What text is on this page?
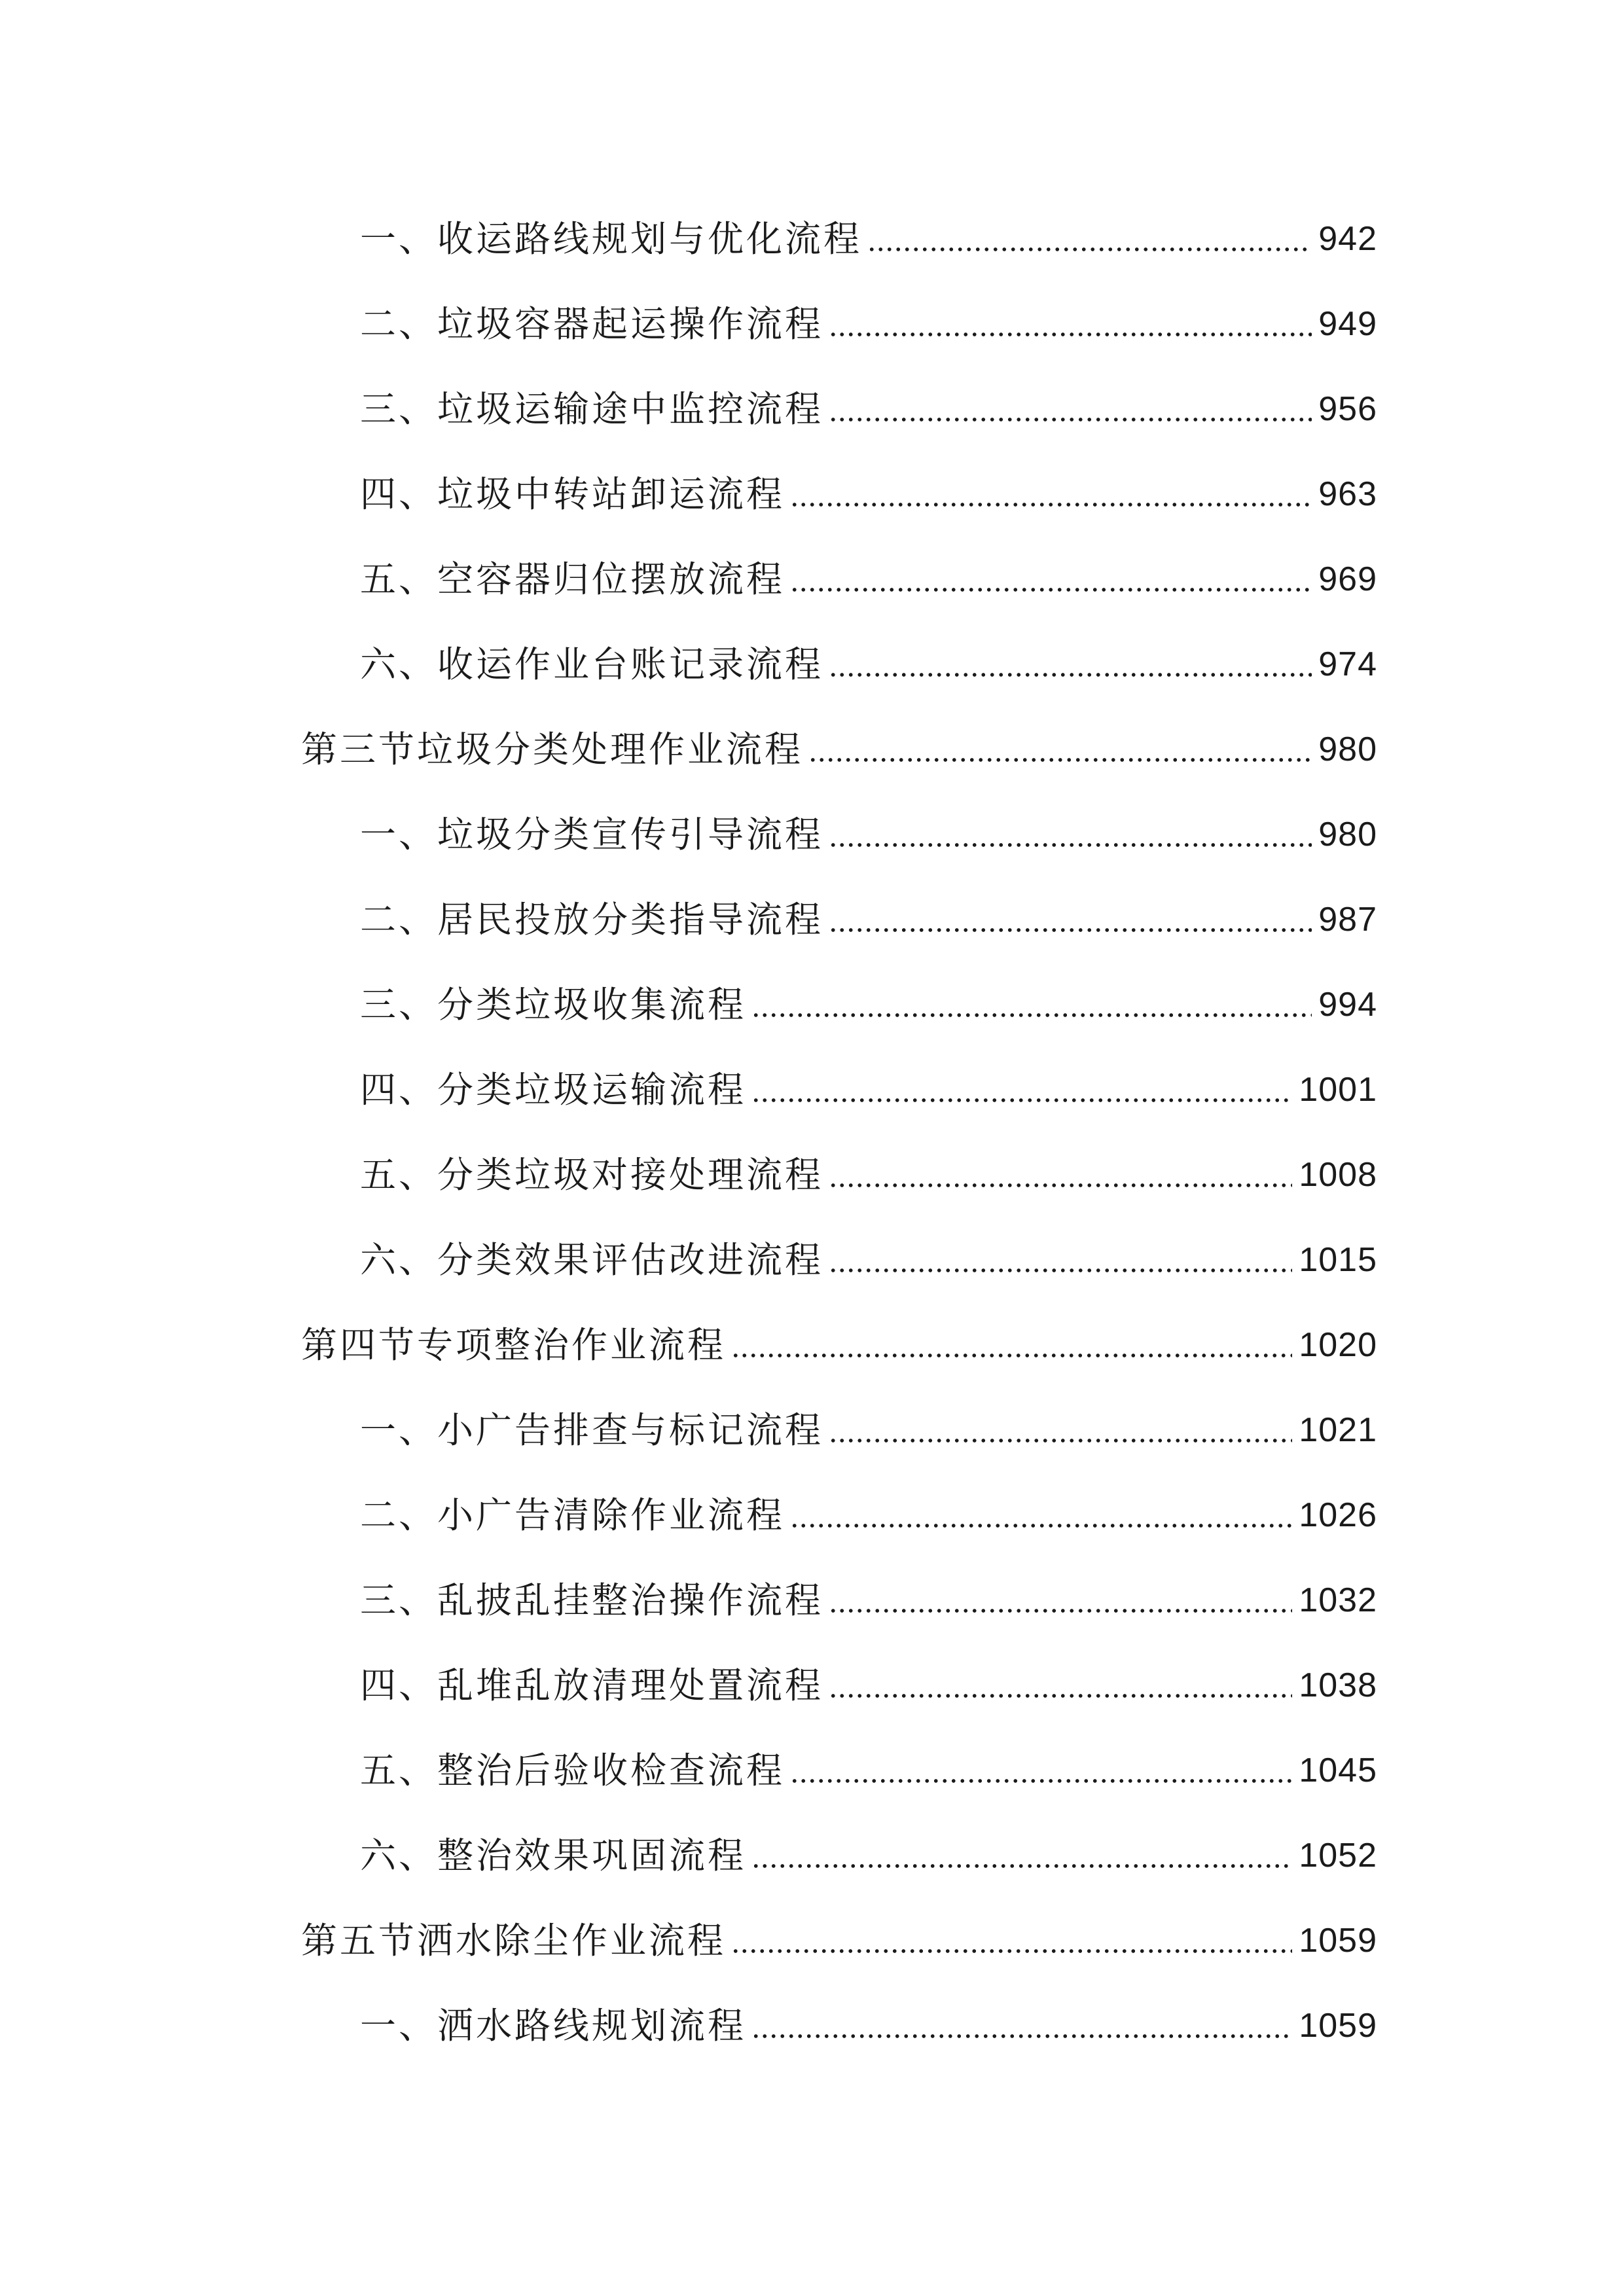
一、收运路线规划与优化流程	942
二、垃圾容器起运操作流程	949
三、垃圾运输途中监控流程	956
四、垃圾中转站卸运流程	963
五、空容器归位摆放流程	969
六、收运作业台账记录流程	974
第三节垃圾分类处理作业流程	980
一、垃圾分类宣传引导流程	980
二、居民投放分类指导流程	987
三、分类垃圾收集流程	994
四、分类垃圾运输流程	1001
五、分类垃圾对接处理流程	1008
六、分类效果评估改进流程	1015
第四节专项整治作业流程	1020
一、小广告排查与标记流程	1021
二、小广告清除作业流程	1026
三、乱披乱挂整治操作流程	1032
四、乱堆乱放清理处置流程	1038
五、整治后验收检查流程	1045
六、整治效果巩固流程	1052
第五节洒水除尘作业流程	1059
一、洒水路线规划流程	1059
